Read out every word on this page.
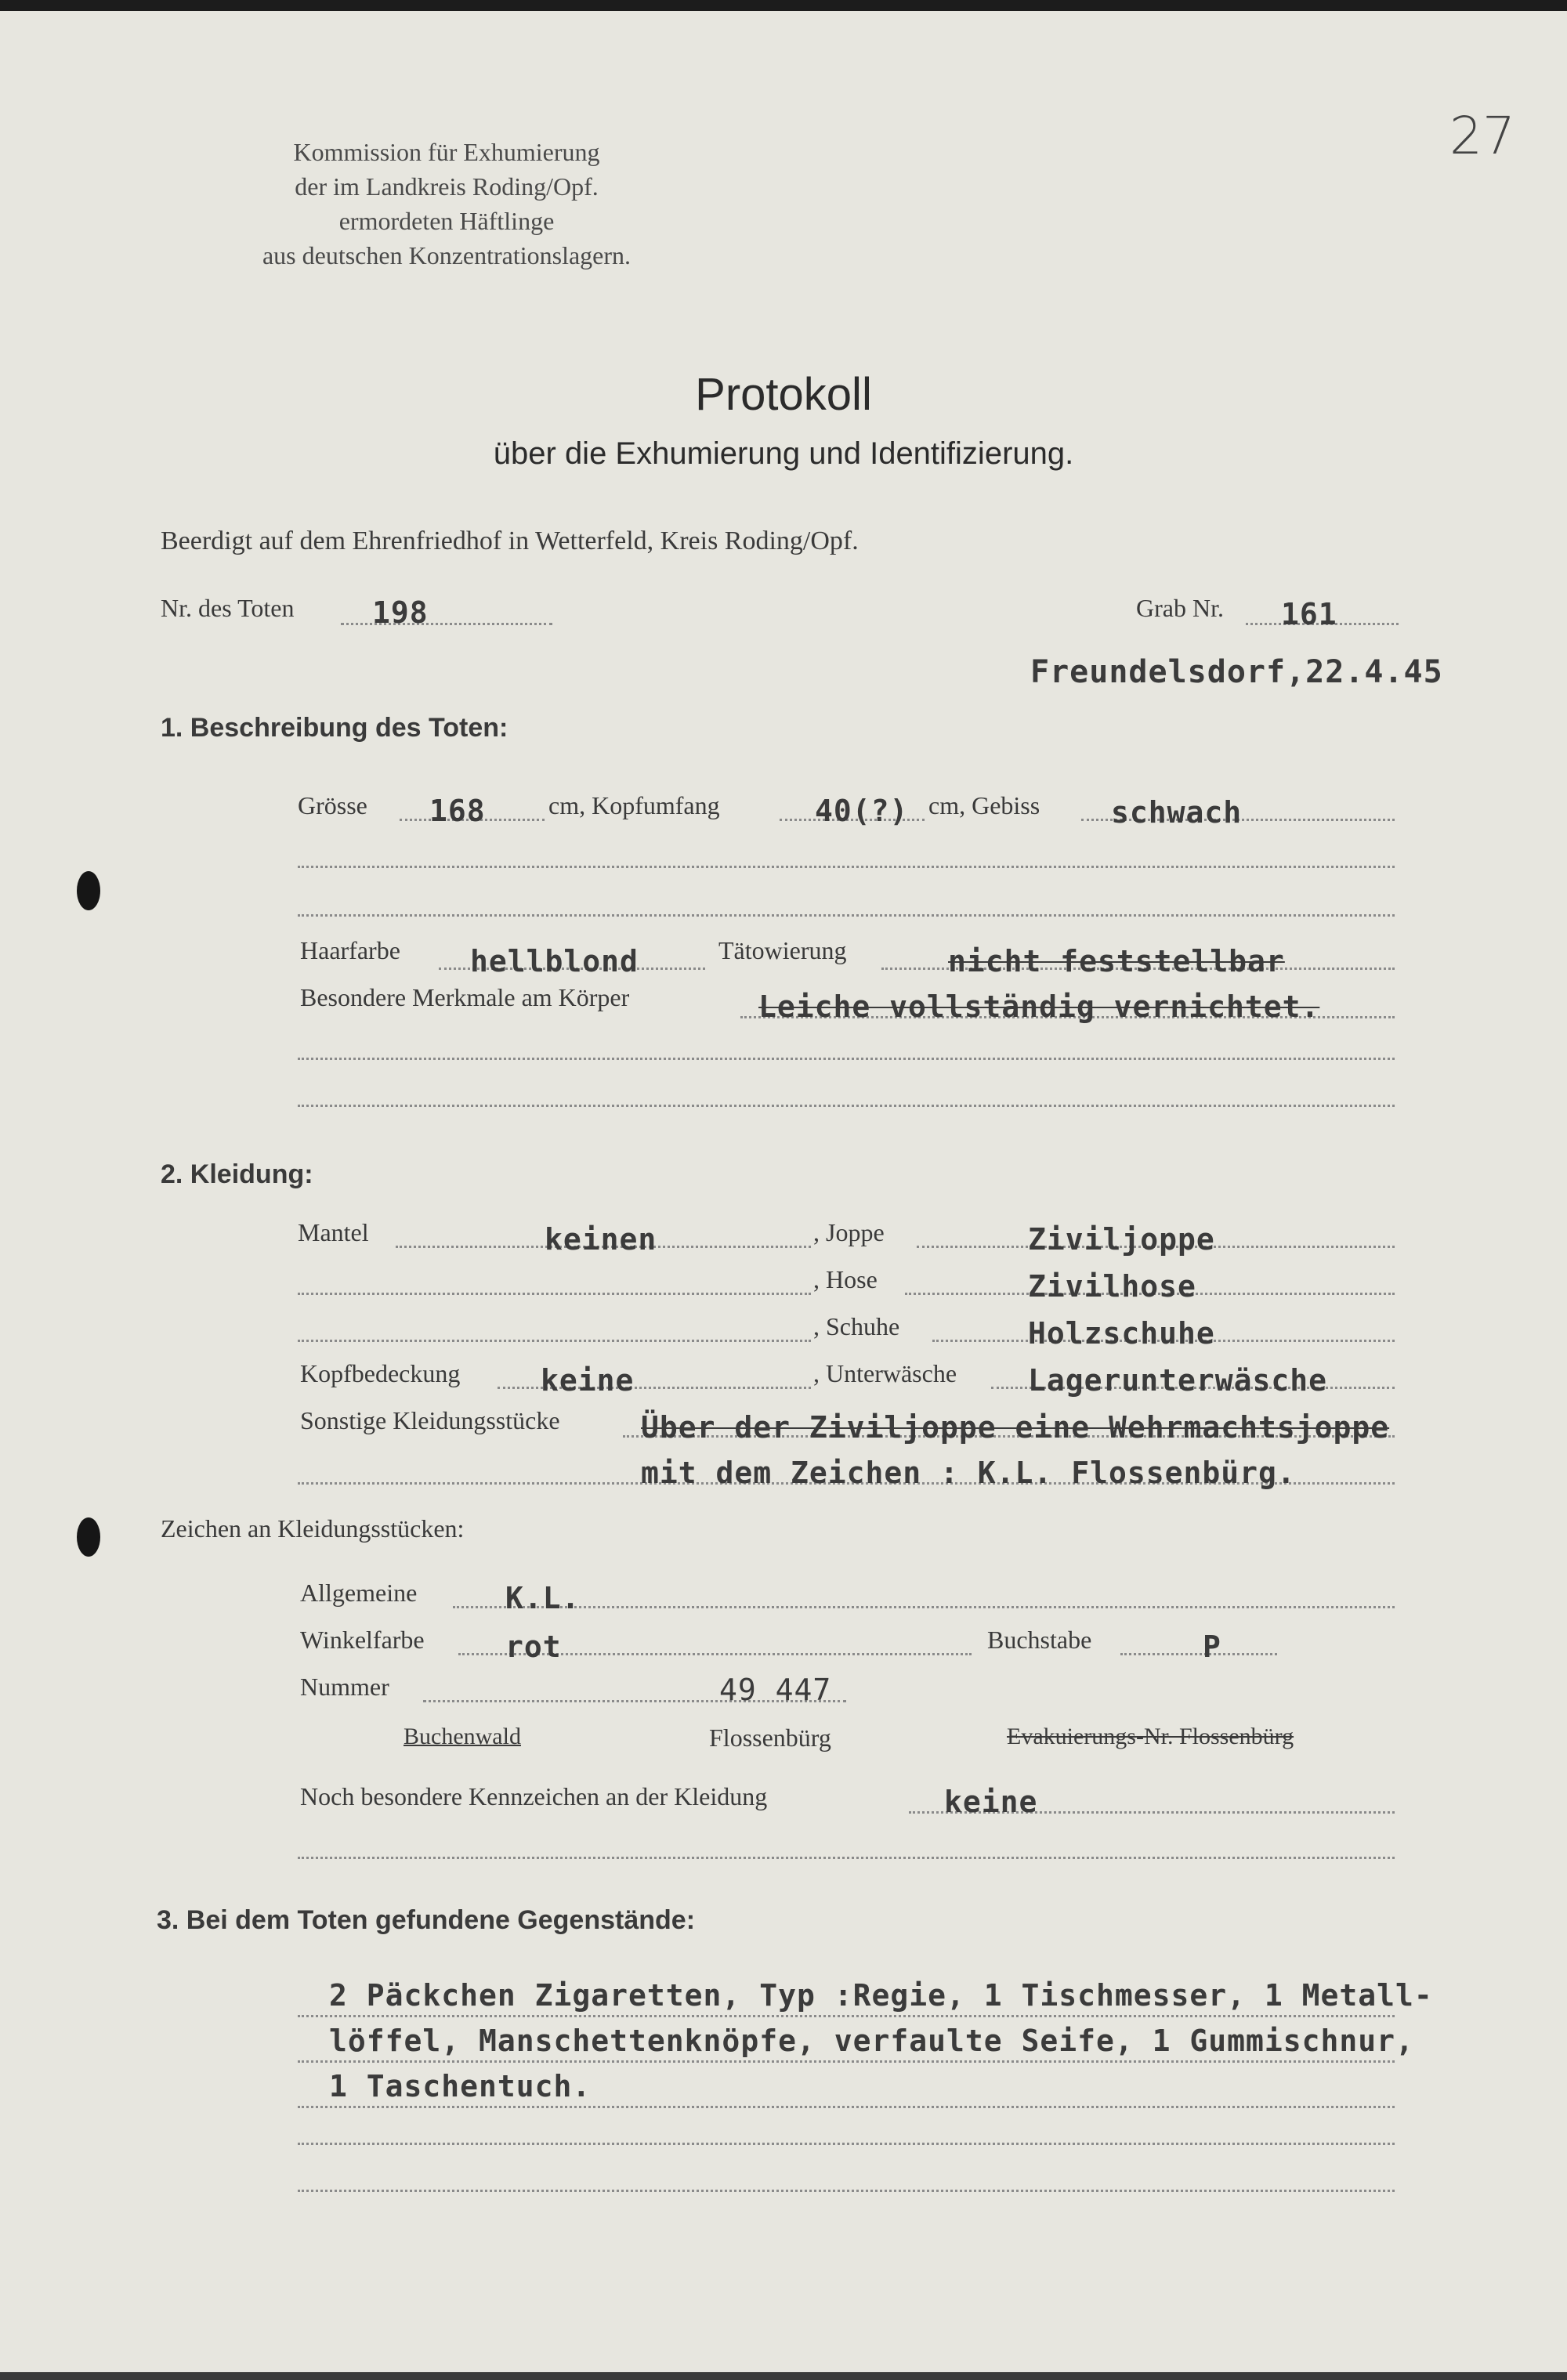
27
Kommission für Exhumierung
der im Landkreis Roding/Opf.
ermordeten Häftlinge
aus deutschen Konzentrationslagern.
Protokoll
über die Exhumierung und Identifizierung.
Beerdigt auf dem Ehrenfriedhof in Wetterfeld, Kreis Roding/Opf.
Nr. des Toten	198	Grab Nr. 161
Freundelsdorf,22.4.45
1. Beschreibung des Toten:
Grösse 168	cm, Kopfumfang	40(?) cm, Gebiss schwach
Haarfarbe hellblond	Tätowierung	nicht feststellbar
Besondere Merkmale am Körper	Leiche vollständig vernichtet.
2. Kleidung:
Mantel	keinen	, Joppe	Ziviljoppe
, Hose	Zivilhose
, Schuhe	Holzschuhe
Kopfbedeckung	keine	, Unterwäsche Lagerunterwäsche
Sonstige Kleidungsstücke	Über der Ziviljoppe eine Wehrmachtsjoppe
mit dem Zeichen : K.L. Flossenbürg.
Zeichen an Kleidungsstücken:
Allgemeine	K.L.
Winkelfarbe	rot	Buchstabe	P
Nummer	49 447
Buchenwald	Flossenbürg	Evakuierungs-Nr. Flossenbürg
Noch besondere Kennzeichen an der Kleidung	keine
3. Bei dem Toten gefundene Gegenstände:
2 Päckchen Zigaretten, Typ :Regie, 1 Tischmesser, 1 Metall-
löffel, Manschettenknöpfe, verfaulte Seife, 1 Gummischnur,
1 Taschentuch.
